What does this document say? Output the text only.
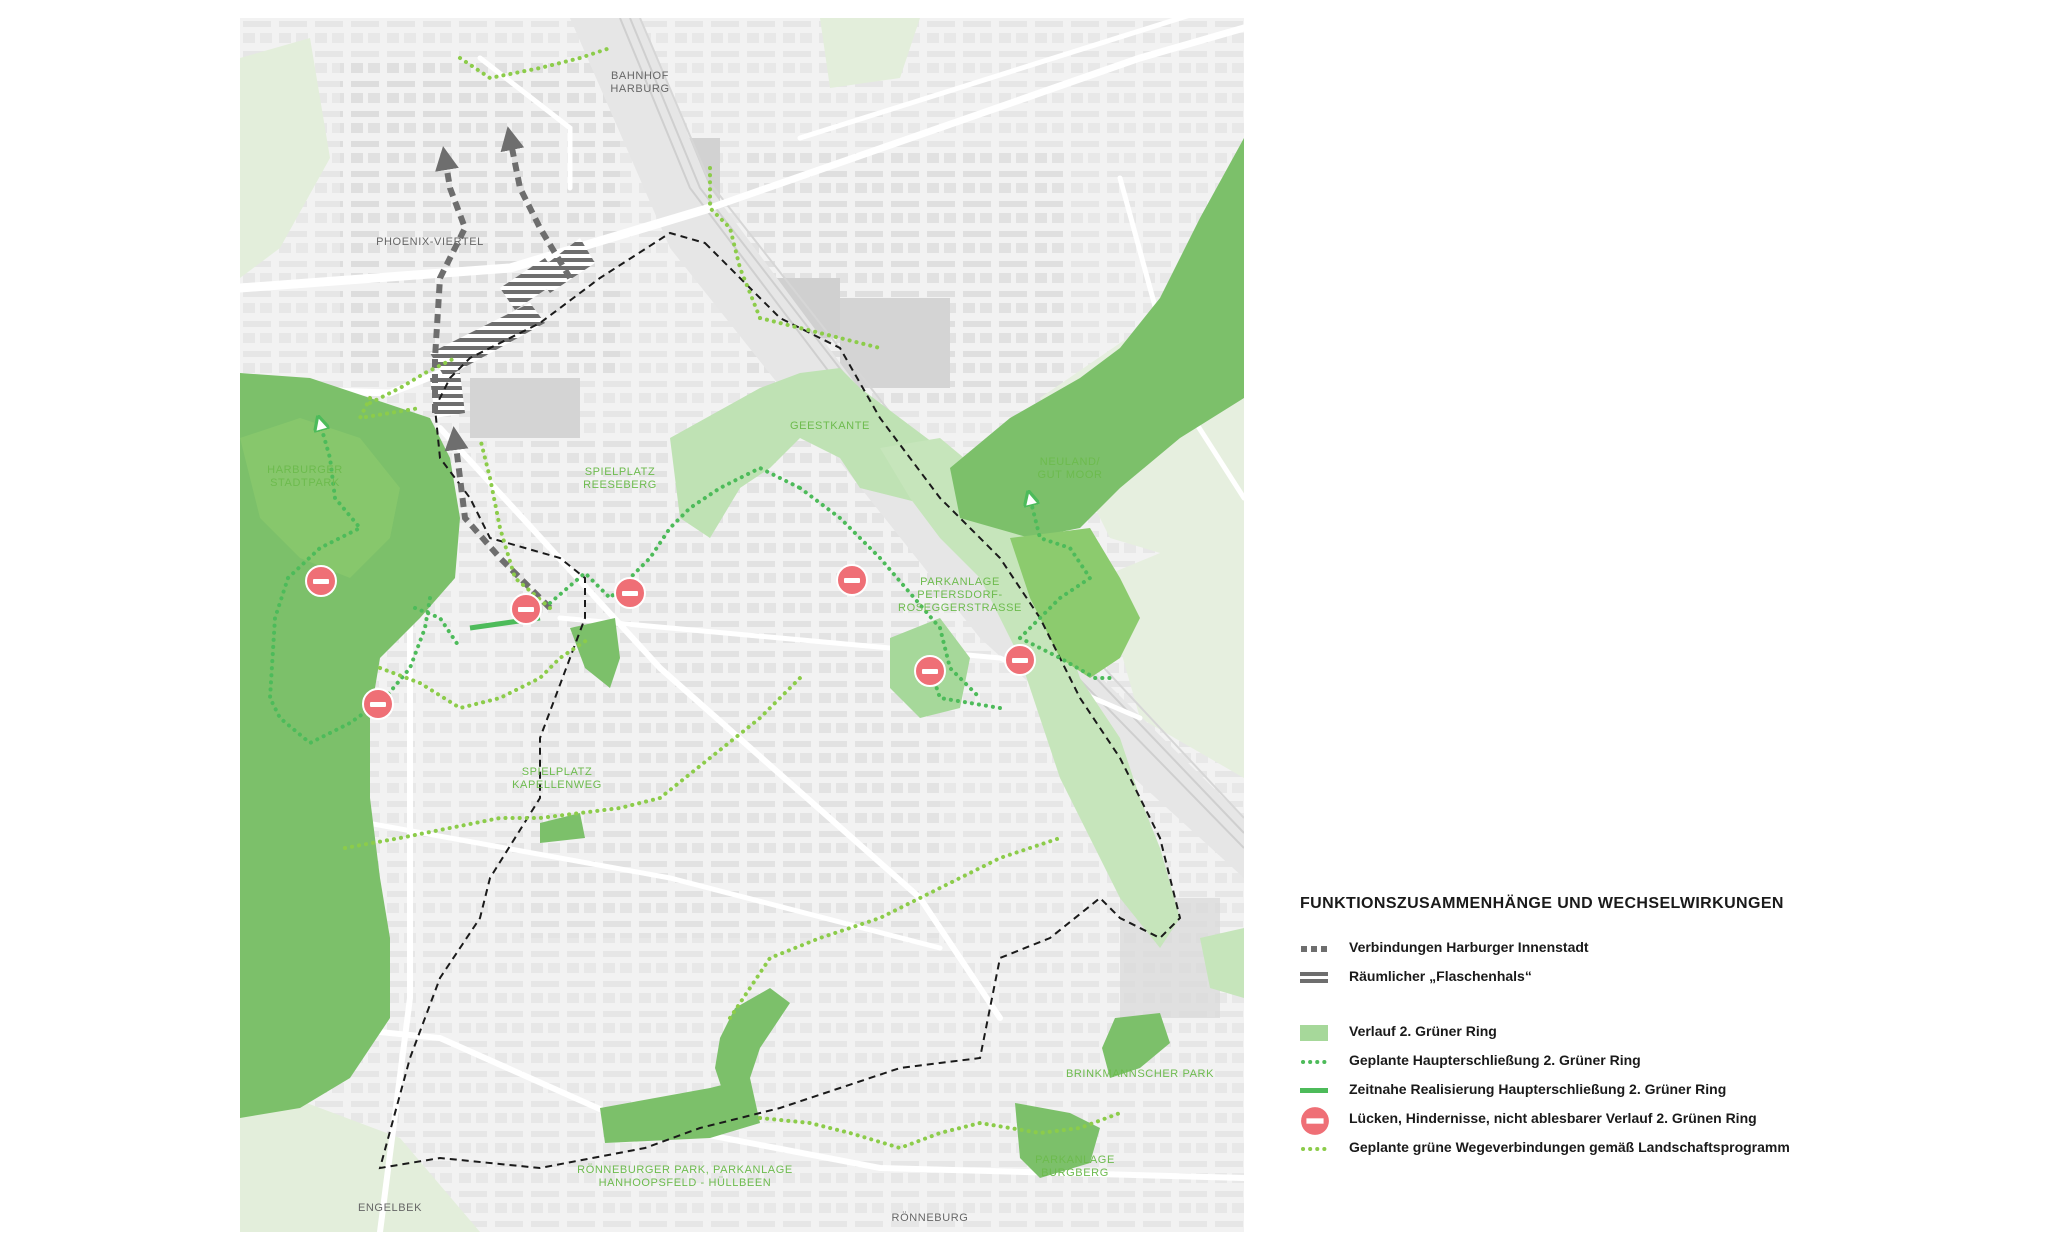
BAHNHOF
HARBURG
PHOENIX-VIERTEL
HARBURGER
STADTPARK
GEESTKANTE
SPIELPLATZ
REESEBERG
NEULAND/
GUT MOOR
PARKANLAGE
PETERSDORF-
ROSEGGERSTRASSE
SPIELPLATZ
KAPELLENWEG
BRINKMANNSCHER PARK
PARKANLAGE BURGBERG
RÖNNEBURGER PARK, PARKANLAGE
HANHOOPSFELD - HÜLLBEEN
ENGELBEK
RÖNNEBURG
FUNKTIONSZUSAMMENHÄNGE UND WECHSELWIRKUNGEN
Verbindungen Harburger Innenstadt
Räumlicher „Flaschenhals“
Verlauf 2. Grüner Ring
Geplante Haupterschließung 2. Grüner Ring
Zeitnahe Realisierung Haupterschließung 2. Grüner Ring
Lücken, Hindernisse, nicht ablesbarer Verlauf 2. Grünen Ring
Geplante grüne Wegeverbindungen gemäß Landschaftsprogramm
